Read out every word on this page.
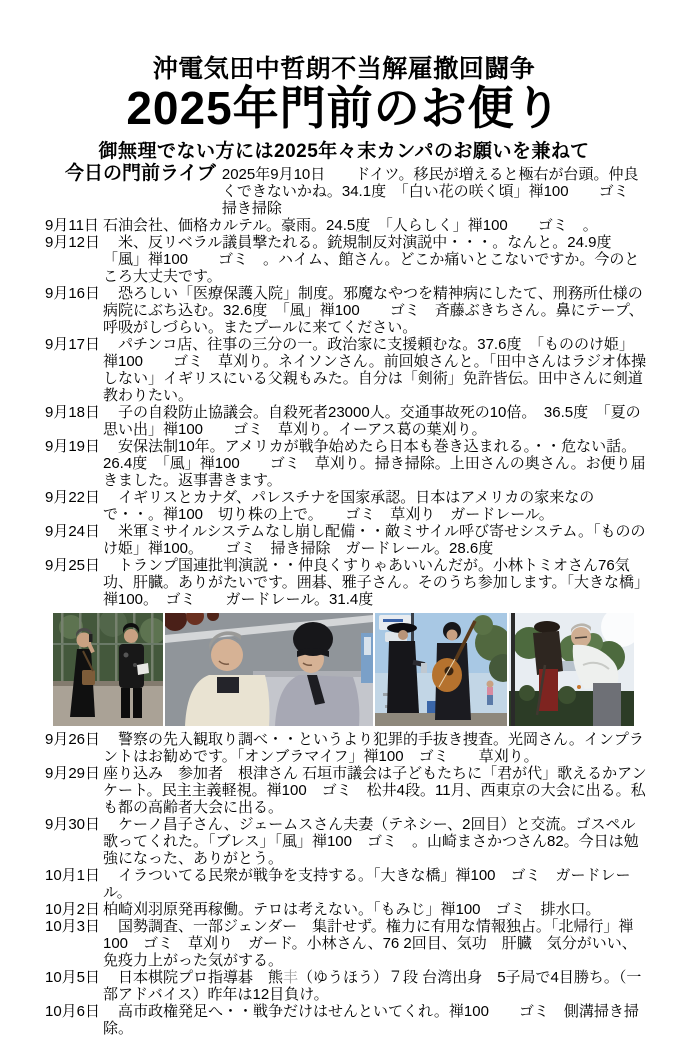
沖電気田中哲朗不当解雇撤回闘争
2025年門前のお便り
御無理でない方には2025年々末カンパのお願いを兼ねて
今日の門前ライブ 2025年9月10日　　ドイツ。移民が増えると極右が台頭。仲良くできないかね。34.1度　「白い花の咲く頃」禅100　　ゴミ　　掃き掃除
9月11日 石油会社、価格カルテル。豪雨。24.5度　「人らしく」禅100　　ゴミ　。
9月12日 　米、反リベラル議員撃たれる。銃規制反対演説中・・・。なんと。24.9度　「風」禅100　　ゴミ　。ハイム、館さん。どこか痛いとこないですか。今のところ大丈夫です。
9月16日 　恐ろしい「医療保護入院」制度。邪魔なやつを精神病にしたて、刑務所仕様の病院にぶち込む。32.6度　「風」禅100　　ゴミ　斉藤ぶきちさん。鼻にテープ、呼吸がしづらい。またプールに来てください。
9月17日 　パチンコ店、往事の三分の一。政治家に支援頼むな。37.6度　「もののけ姫」禅100　　ゴミ　草刈り。ネイソンさん。前回娘さんと。「田中さんはラジオ体操しない」イギリスにいる父親もみた。自分は「剣術」免許皆伝。田中さんに剣道教わりたい。
9月18日 　子の自殺防止協議会。自殺死者23000人。交通事故死の10倍。　36.5度　「夏の思い出」禅100　　ゴミ　草刈り。イーアス葛の葉刈り。
9月19日 　安保法制10年。アメリカが戦争始めたら日本も巻き込まれる。・・危ない話。　26.4度　「風」禅100　　ゴミ　草刈り。掃き掃除。上田さんの奥さん。お便り届きました。返事書きます。
9月22日 　イギリスとカナダ、パレスチナを国家承認。日本はアメリカの家来なので・・。禅100　切り株の上で。　　ゴミ　草刈り　ガードレール。
9月24日 　米軍ミサイルシステムなし崩し配備・・敵ミサイル呼び寄せシステム。「もののけ姫」禅100。　　ゴミ　掃き掃除　ガードレール。28.6度
9月25日 　トランプ国連批判演説・・仲良くすりゃあいいんだが。小林トミオさん76気功、肝臓。ありがたいです。囲碁、雅子さん。そのうち参加します。「大きな橋」禅100。　ゴミ　　ガードレール。31.4度
9月26日 　警察の先入観取り調べ・・というより犯罪的手抜き捜査。光岡さん。インプラントはお勧めです。「オンブラマイフ」禅100　ゴミ　　草刈り。
9月29日 座り込み　参加者　根津さん 石垣市議会は子どもたちに「君が代」歌えるかアンケート。民主主義軽視。禅100　ゴミ　松井4段。11月、西東京の大会に出る。私も都の高齢者大会に出る。
9月30日 　ケーノ昌子さん、ジェームスさん夫妻（テネシー、2回目）と交流。ゴスペル歌ってくれた。「ブレス」「風」禅100　ゴミ　。山崎まさかつさん82。今日は勉強になった、ありがとう。
10月1日 　イラついてる民衆が戦争を支持する。「大きな橋」禅100　ゴミ　ガードレール。
10月2日 柏崎刈羽原発再稼働。テロは考えない。「もみじ」禅100　ゴミ　排水口。
10月3日 　国勢調査、一部ジェンダー　集計せず。権力に有用な情報独占。「北帰行」禅100　ゴミ　草刈り　ガード。小林さん、76 2回目、気功　肝臓　気分がいい、免疫力上がった気がする。
10月5日 　日本棋院プロ指導碁　熊丰（ゆうほう）７段 台湾出身　5子局で4目勝ち。（一部アドバイス）昨年は12目負け。
10月6日 　高市政権発足へ・・戦争だけはせんといてくれ。禅100　　ゴミ　側溝掃き掃除。
